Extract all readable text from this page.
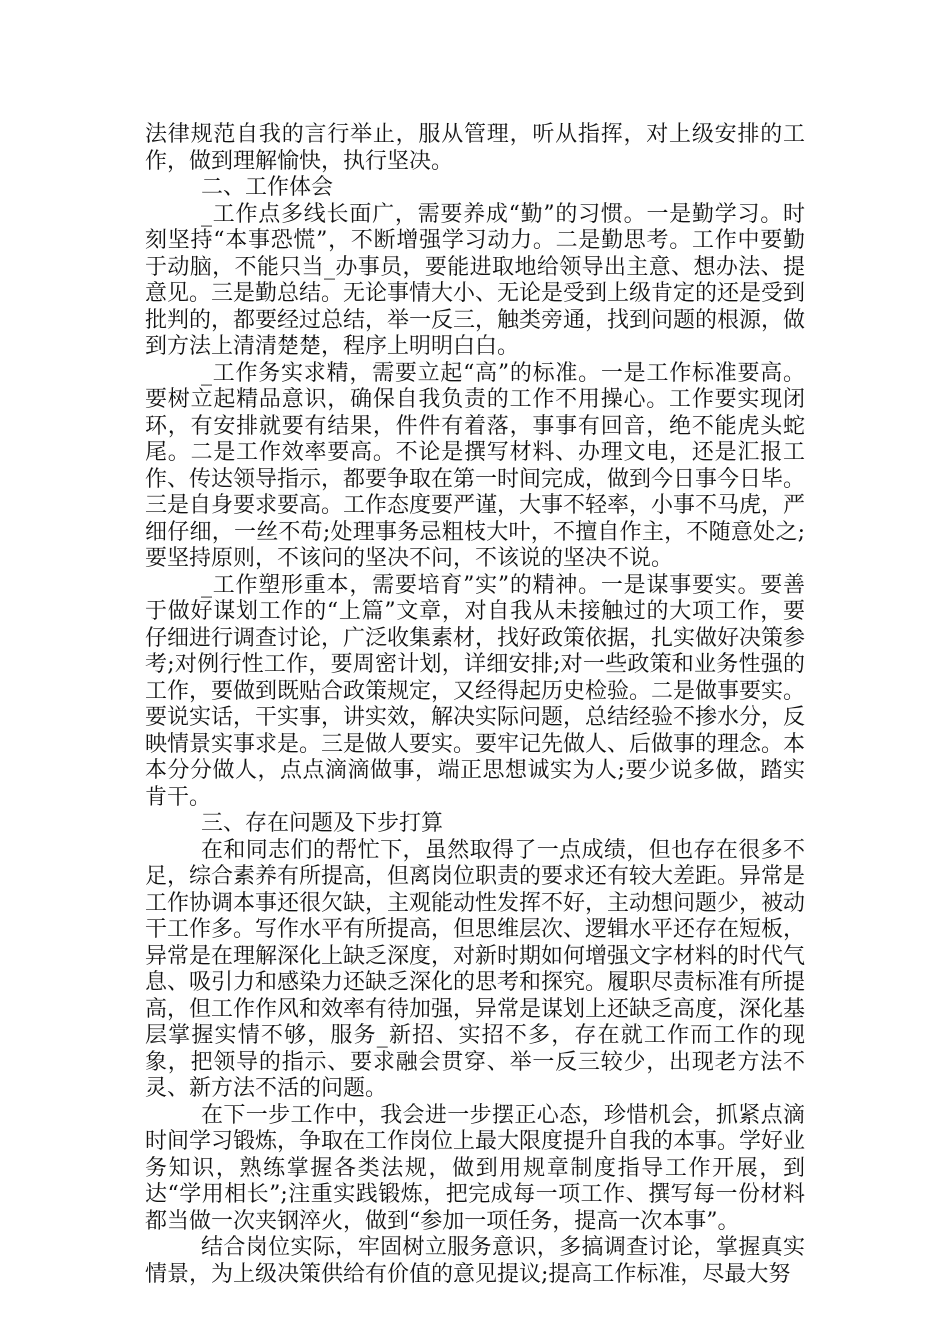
法律规范自我的言行举止，服从管理，听从指挥，对上级安排的工作，做到理解愉快，执行坚决。

二、工作体会

_工作点多线长面广，需要养成“勤”的习惯。一是勤学习。时刻坚持“本事恐慌”，不断增强学习动力。二是勤思考。工作中要勤于动脑，不能只当_办事员，要能进取地给领导出主意、想办法、提意见。三是勤总结。无论事情大小、无论是受到上级肯定的还是受到批判的，都要经过总结，举一反三，触类旁通，找到问题的根源，做到方法上清清楚楚，程序上明明白白。

_工作务实求精，需要立起“高”的标准。一是工作标准要高。要树立起精品意识，确保自我负责的工作不用操心。工作要实现闭环，有安排就要有结果，件件有着落，事事有回音，绝不能虎头蛇尾。二是工作效率要高。不论是撰写材料、办理文电，还是汇报工作、传达领导指示，都要争取在第一时间完成，做到今日事今日毕。三是自身要求要高。工作态度要严谨，大事不轻率，小事不马虎，严细仔细，一丝不苟;处理事务忌粗枝大叶，不擅自作主，不随意处之;要坚持原则，不该问的坚决不问，不该说的坚决不说。

_工作塑形重本，需要培育”实”的精神。一是谋事要实。要善于做好谋划工作的“上篇”文章，对自我从未接触过的大项工作，要仔细进行调查讨论，广泛收集素材，找好政策依据，扎实做好决策参考;对例行性工作，要周密计划，详细安排;对一些政策和业务性强的工作，要做到既贴合政策规定，又经得起历史检验。二是做事要实。要说实话，干实事，讲实效，解决实际问题，总结经验不掺水分，反映情景实事求是。三是做人要实。要牢记先做人、后做事的理念。本本分分做人，点点滴滴做事，端正思想诚实为人;要少说多做，踏实肯干。

三、存在问题及下步打算

在和同志们的帮忙下，虽然取得了一点成绩，但也存在很多不足，综合素养有所提高，但离岗位职责的要求还有较大差距。异常是工作协调本事还很欠缺，主观能动性发挥不好，主动想问题少，被动干工作多。写作水平有所提高，但思维层次、逻辑水平还存在短板，异常是在理解深化上缺乏深度，对新时期如何增强文字材料的时代气息、吸引力和感染力还缺乏深化的思考和探究。履职尽责标准有所提高，但工作作风和效率有待加强，异常是谋划上还缺乏高度，深化基层掌握实情不够，服务_新招、实招不多，存在就工作而工作的现象，把领导的指示、要求融会贯穿、举一反三较少，出现老方法不灵、新方法不活的问题。

在下一步工作中，我会进一步摆正心态，珍惜机会，抓紧点滴时间学习锻炼，争取在工作岗位上最大限度提升自我的本事。学好业务知识，熟练掌握各类法规，做到用规章制度指导工作开展，到达“学用相长”;注重实践锻炼，把完成每一项工作、撰写每一份材料都当做一次夹钢淬火，做到“参加一项任务，提高一次本事”。

结合岗位实际，牢固树立服务意识，多搞调查讨论，掌握真实情景，为上级决策供给有价值的意见提议;提高工作标准，尽最大努
